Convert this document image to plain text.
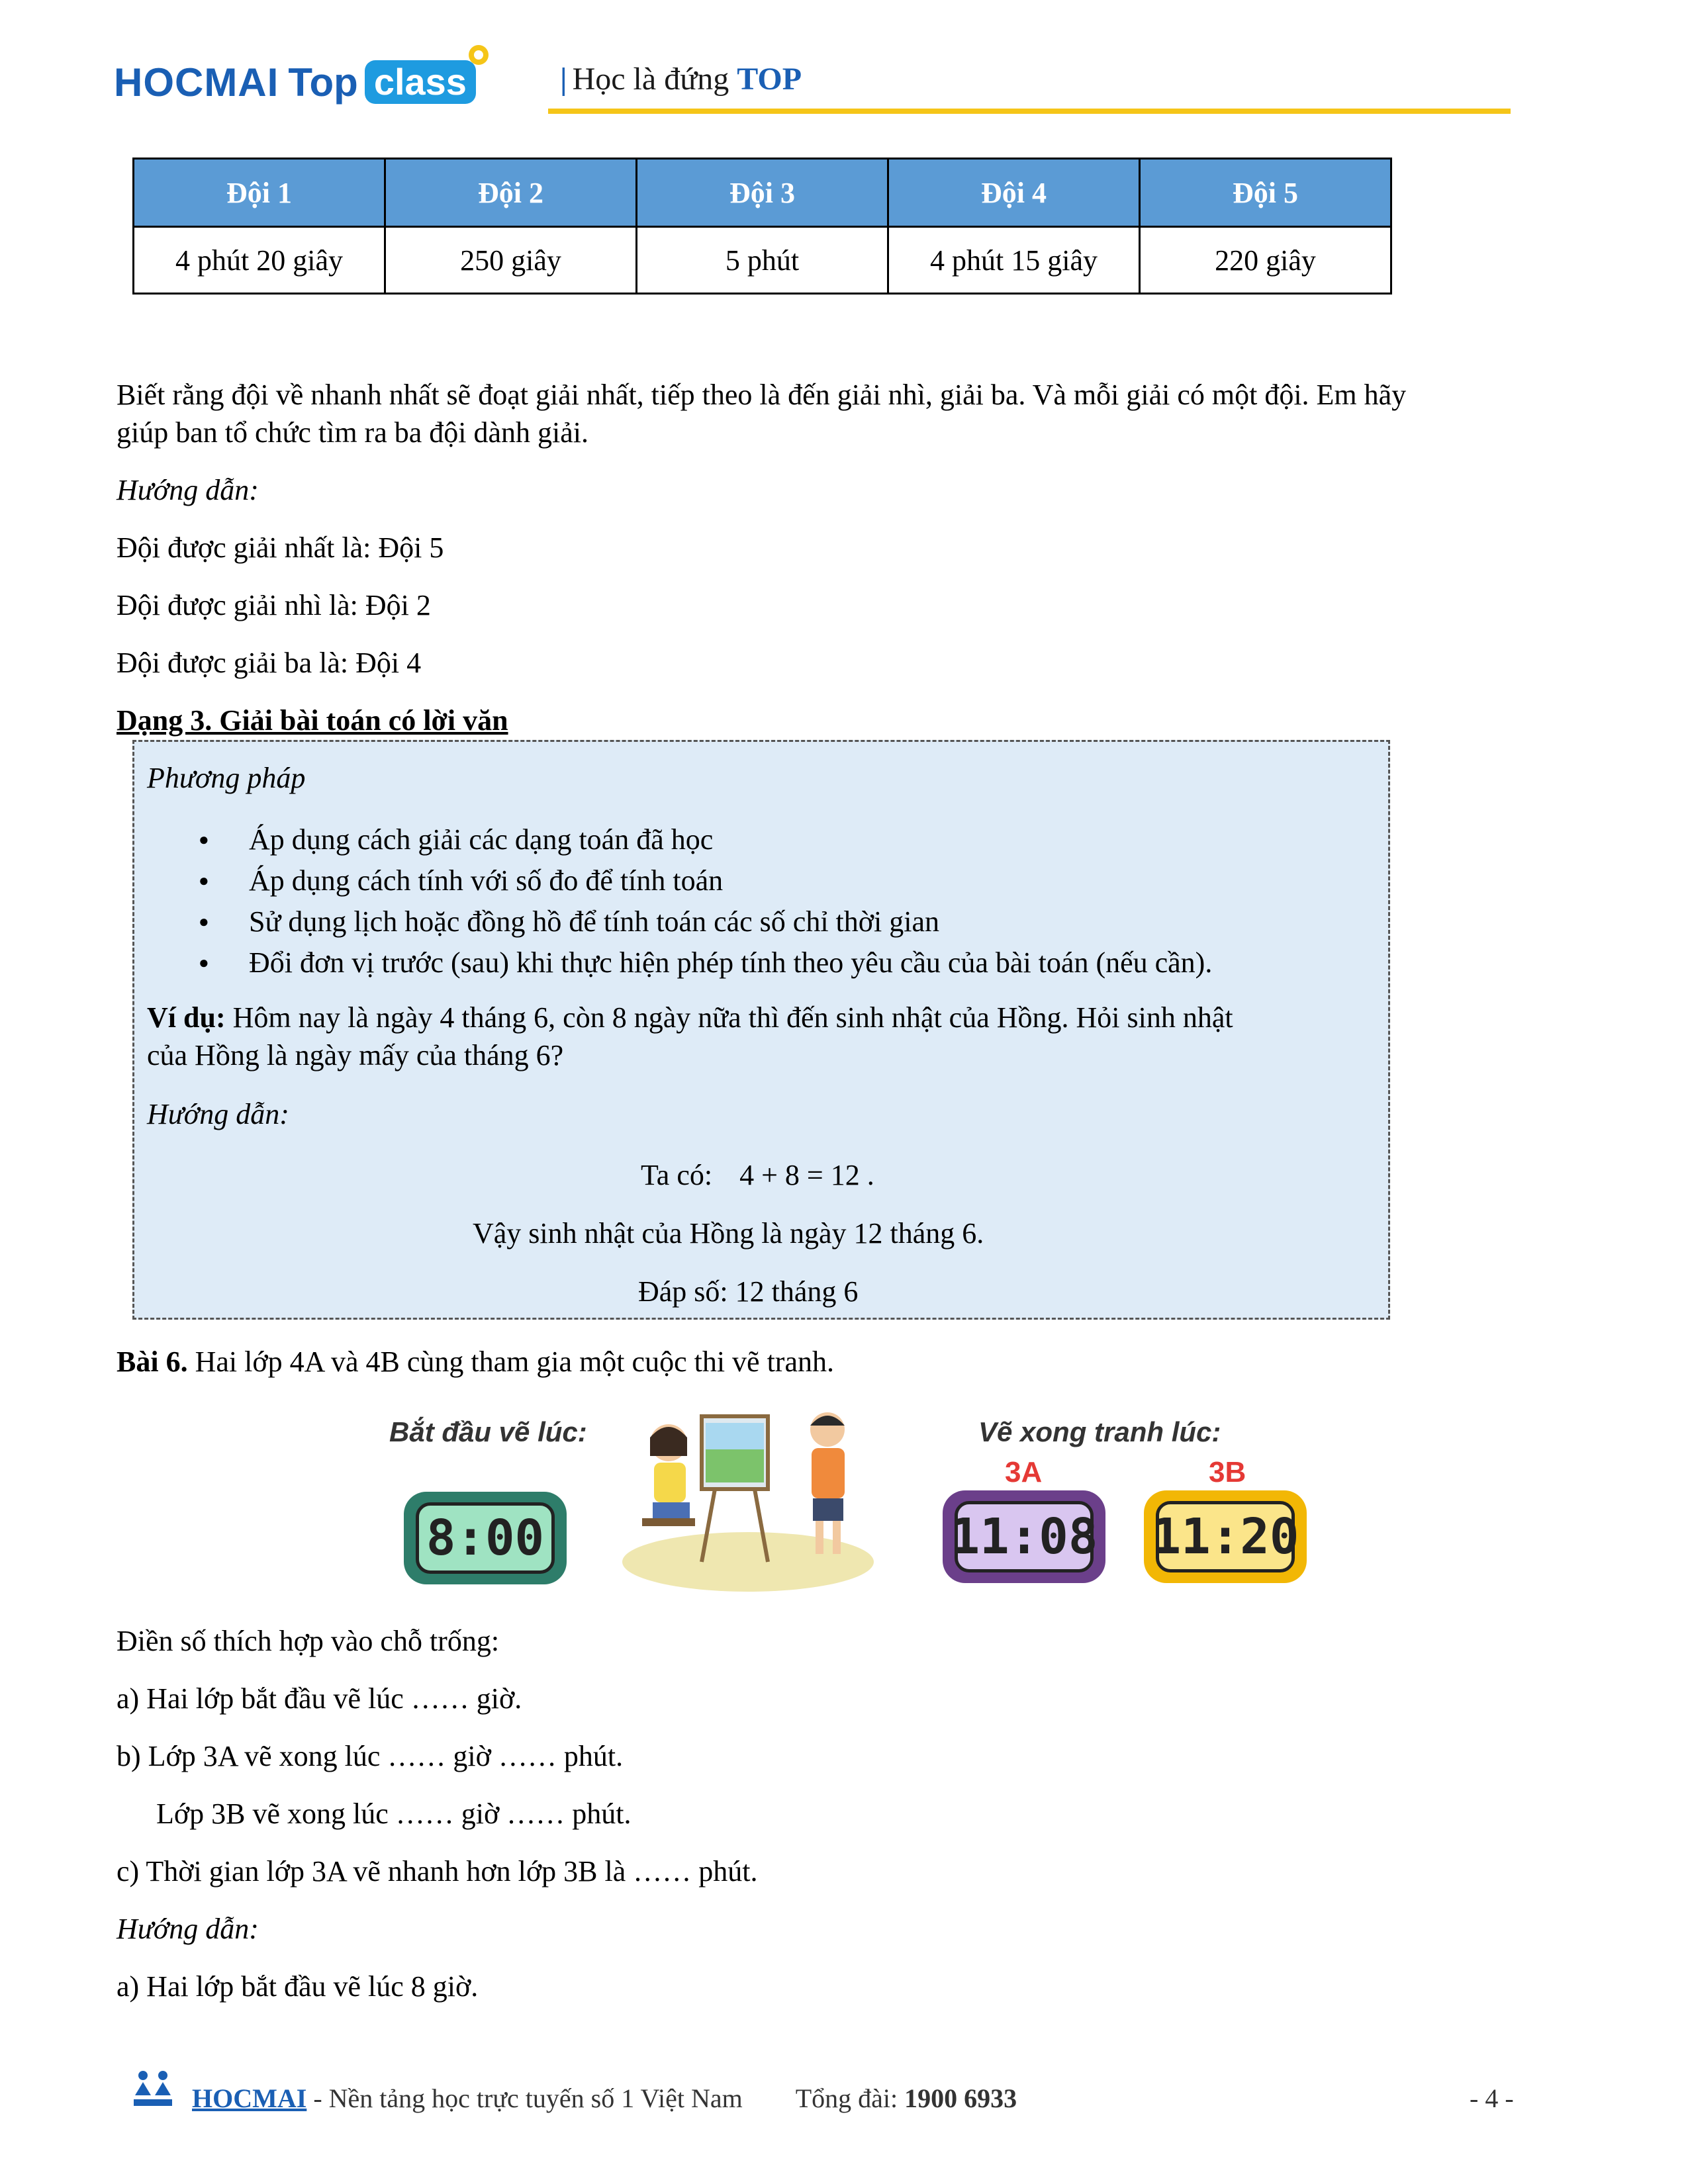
HOCMAI Top class	| Học là đứng TOP
Đội 1	Đội 2	Đội 3	Đội 4	Đội 5
4 phút 20 giây	250 giây	5 phút	4 phút 15 giây	220 giây
Biết rằng đội về nhanh nhất sẽ đoạt giải nhất, tiếp theo là đến giải nhì, giải ba. Và mỗi giải có một đội. Em hãy
giúp ban tổ chức tìm ra ba đội dành giải.
Hướng dẫn:
Đội được giải nhất là: Đội 5
Đội được giải nhì là: Đội 2
Đội được giải ba là: Đội 4
Dạng 3. Giải bài toán có lời văn
Phương pháp
● Áp dụng cách giải các dạng toán đã học
● Áp dụng cách tính với số đo để tính toán
● Sử dụng lịch hoặc đồng hồ để tính toán các số chỉ thời gian
● Đổi đơn vị trước (sau) khi thực hiện phép tính theo yêu cầu của bài toán (nếu cần).
Ví dụ: Hôm nay là ngày 4 tháng 6, còn 8 ngày nữa thì đến sinh nhật của Hồng. Hỏi sinh nhật
của Hồng là ngày mấy của tháng 6?
Hướng dẫn:
Ta có: 4 + 8 = 12 .
Vậy sinh nhật của Hồng là ngày 12 tháng 6.
Đáp số: 12 tháng 6
Bài 6. Hai lớp 4A và 4B cùng tham gia một cuộc thi vẽ tranh.
Bắt đầu vẽ lúc:
8:00
Vẽ xong tranh lúc:
3A
11:08
3B
11:20
Điền số thích hợp vào chỗ trống:
a) Hai lớp bắt đầu vẽ lúc …… giờ.
b) Lớp 3A vẽ xong lúc …… giờ …… phút.
Lớp 3B vẽ xong lúc …… giờ …… phút.
c) Thời gian lớp 3A vẽ nhanh hơn lớp 3B là …… phút.
Hướng dẫn:
a) Hai lớp bắt đầu vẽ lúc 8 giờ.
HOCMAI - Nền tảng học trực tuyến số 1 Việt Nam Tổng đài: 1900 6933	- 4 -
